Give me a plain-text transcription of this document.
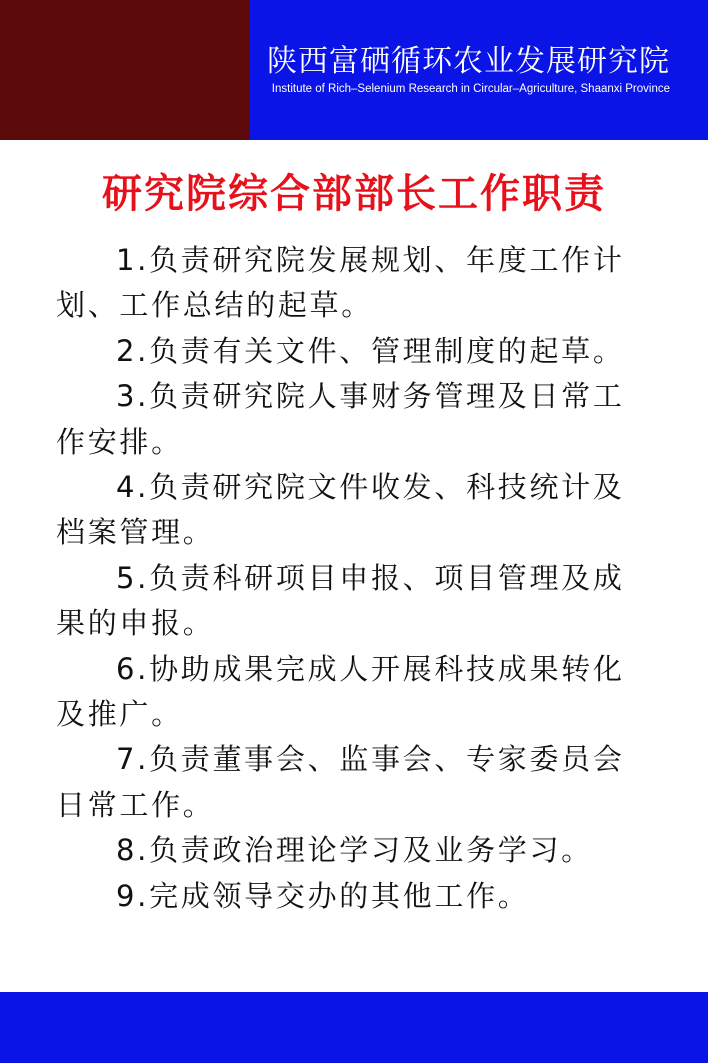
陕西富硒循环农业发展研究院
Institute of Rich–Selenium Research in Circular–Agriculture, Shaanxi Province
研究院综合部部长工作职责
1.负责研究院发展规划、年度工作计划、工作总结的起草。
2.负责有关文件、管理制度的起草。
3.负责研究院人事财务管理及日常工作安排。
4.负责研究院文件收发、科技统计及档案管理。
5.负责科研项目申报、项目管理及成果的申报。
6.协助成果完成人开展科技成果转化及推广。
7.负责董事会、监事会、专家委员会日常工作。
8.负责政治理论学习及业务学习。
9.完成领导交办的其他工作。
